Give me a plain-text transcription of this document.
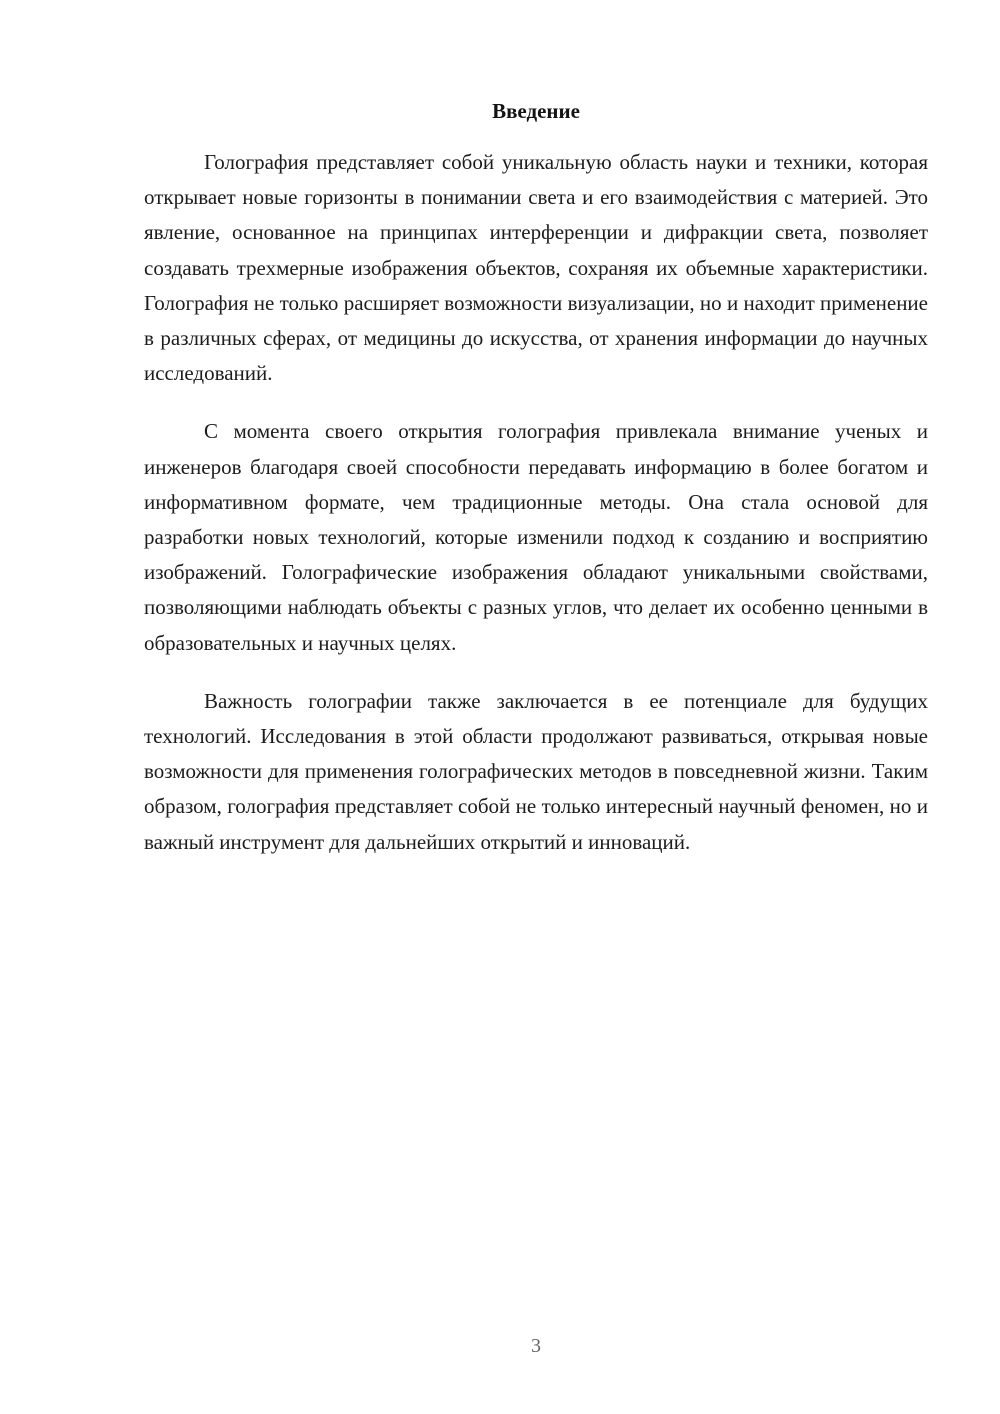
Введение

Голография представляет собой уникальную область науки и техники, которая открывает новые горизонты в понимании света и его взаимодействия с материей. Это явление, основанное на принципах интерференции и дифракции света, позволяет создавать трехмерные изображения объектов, сохраняя их объемные характеристики. Голография не только расширяет возможности визуализации, но и находит применение в различных сферах, от медицины до искусства, от хранения информации до научных исследований.

С момента своего открытия голография привлекала внимание ученых и инженеров благодаря своей способности передавать информацию в более богатом и информативном формате, чем традиционные методы. Она стала основой для разработки новых технологий, которые изменили подход к созданию и восприятию изображений. Голографические изображения обладают уникальными свойствами, позволяющими наблюдать объекты с разных углов, что делает их особенно ценными в образовательных и научных целях.

Важность голографии также заключается в ее потенциале для будущих технологий. Исследования в этой области продолжают развиваться, открывая новые возможности для применения голографических методов в повседневной жизни. Таким образом, голография представляет собой не только интересный научный феномен, но и важный инструмент для дальнейших открытий и инноваций.

3
